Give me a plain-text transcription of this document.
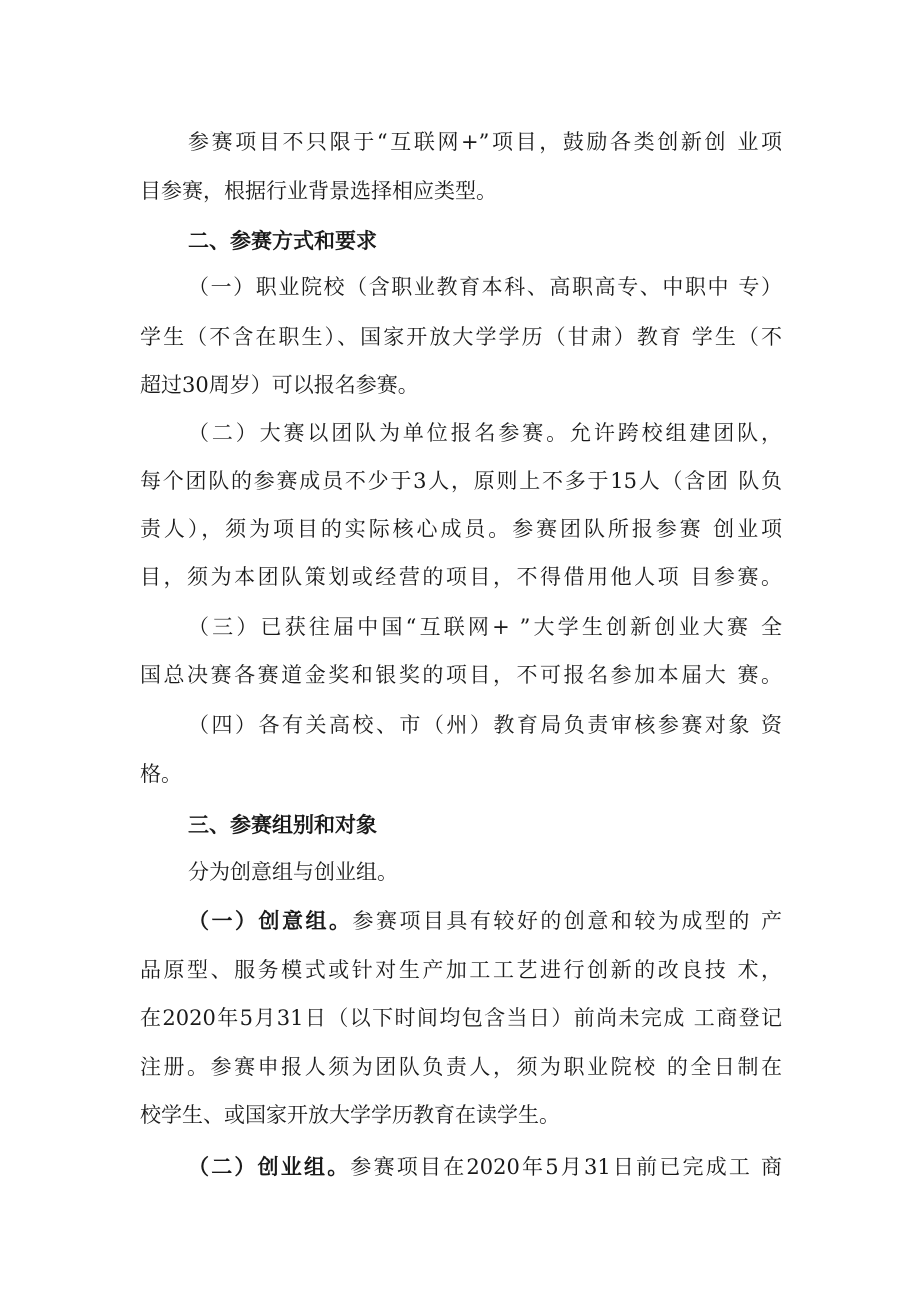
参赛项目不只限于“互联网+”项目，鼓励各类创新创 业项
目参赛，根据行业背景选择相应类型。
二、参赛方式和要求
（一）职业院校（含职业教育本科、高职高专、中职中 专）
学生（不含在职生）、国家开放大学学历（甘肃）教育 学生（不
超过30周岁）可以报名参赛。
（二）大赛以团队为单位报名参赛。允许跨校组建团队，
每个团队的参赛成员不少于3人，原则上不多于15人（含团 队负
责人），须为项目的实际核心成员。参赛团队所报参赛 创业项
目，须为本团队策划或经营的项目，不得借用他人项 目参赛。
（三）已获往届中国“互联网+ ”大学生创新创业大赛 全
国总决赛各赛道金奖和银奖的项目，不可报名参加本届大 赛。
（四）各有关高校、市（州）教育局负责审核参赛对象 资
格。
三、参赛组别和对象
分为创意组与创业组。
（一）创意组。参赛项目具有较好的创意和较为成型的 产
品原型、服务模式或针对生产加工工艺进行创新的改良技 术，
在2020年5月31日（以下时间均包含当日）前尚未完成 工商登记
注册。参赛申报人须为团队负责人，须为职业院校 的全日制在
校学生、或国家开放大学学历教育在读学生。
（二）创业组。参赛项目在2020年5月31日前已完成工 商
